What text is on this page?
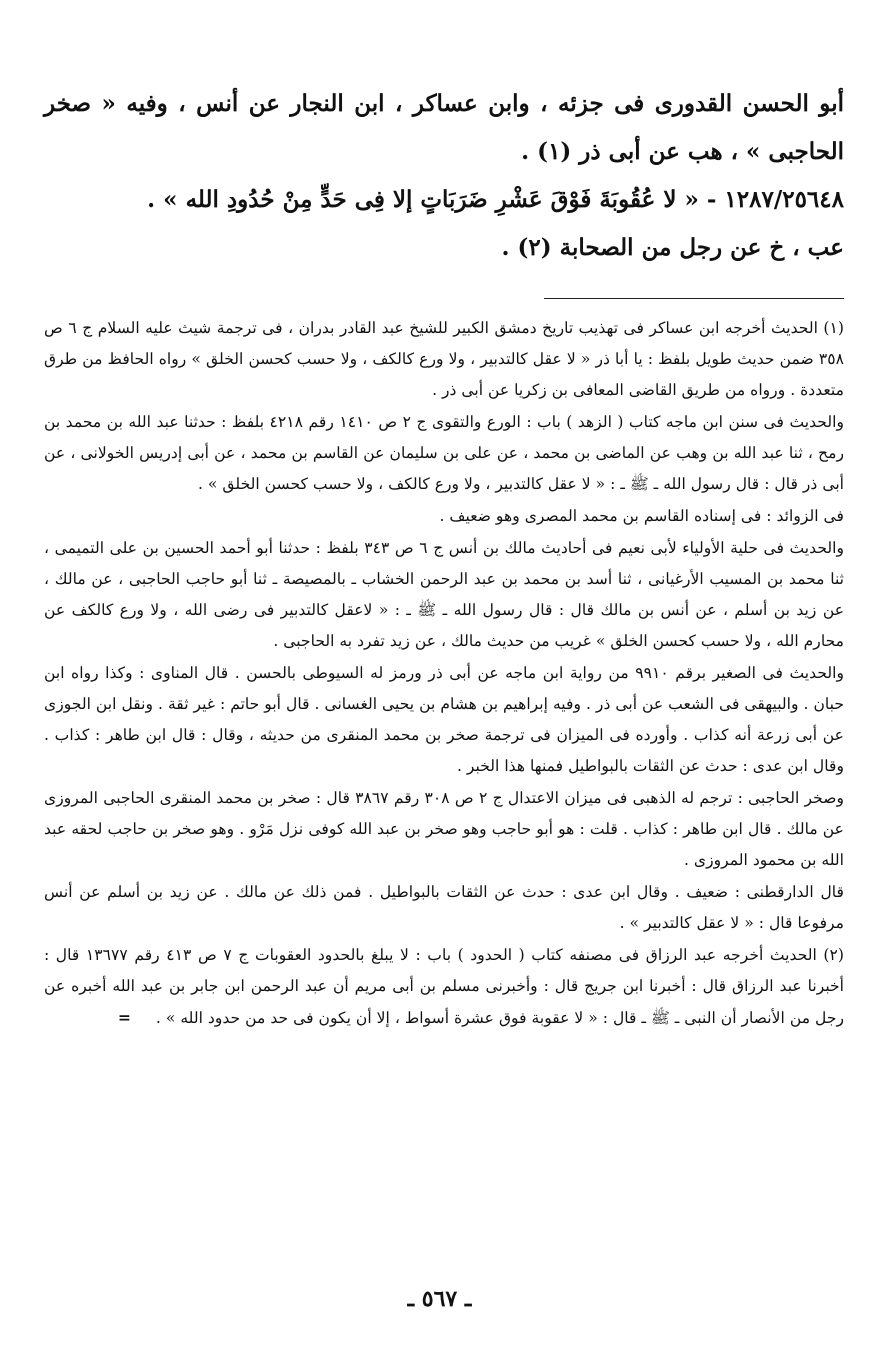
أبو الحسن القدورى فى جزئه ، وابن عساكر ، ابن النجار عن أنس ، وفيه « صخر الحاجبى » ، هب عن أبى ذر (١) .

١٢٨٧/٢٥٦٤٨ - « لا عُقُوبَةَ فَوْقَ عَشْرِ ضَرَبَاتٍ إلا فِى حَدٍّ مِنْ حُدُودِ الله » .

عب ، خ عن رجل من الصحابة (٢) .

(١) الحديث أخرجه ابن عساكر فى تهذيب تاريخ دمشق الكبير للشيخ عبد القادر بدران ، فى ترجمة شيث عليه السلام ج ٦ ص ٣٥٨ ضمن حديث طويل بلفظ : يا أبا ذر « لا عقل كالتدبير ، ولا ورع كالكف ، ولا حسب كحسن الخلق » رواه الحافظ من طرق متعددة . ورواه من طريق القاضى المعافى بن زكريا عن أبى ذر .

والحديث فى سنن ابن ماجه كتاب ( الزهد ) باب : الورع والتقوى ج ٢ ص ١٤١٠ رقم ٤٢١٨ بلفظ : حدثنا عبد الله بن محمد بن رمح ، ثنا عبد الله بن وهب عن الماضى بن محمد ، عن على بن سليمان عن القاسم بن محمد ، عن أبى إدريس الخولانى ، عن أبى ذر قال : قال رسول الله ـ ﷺ ـ : « لا عقل كالتدبير ، ولا ورع كالكف ، ولا حسب كحسن الخلق » .

فى الزوائد : فى إسناده القاسم بن محمد المصرى وهو ضعيف .

والحديث فى حلية الأولياء لأبى نعيم فى أحاديث مالك بن أنس ج ٦ ص ٣٤٣ بلفظ : حدثنا أبو أحمد الحسين بن على التميمى ، ثنا محمد بن المسيب الأرغيانى ، ثنا أسد بن محمد بن عبد الرحمن الخشاب ـ بالمصيصة ـ ثنا أبو حاجب الحاجبى ، عن مالك ، عن زيد بن أسلم ، عن أنس بن مالك قال : قال رسول الله ـ ﷺ ـ : « لاعقل كالتدبير فى رضى الله ، ولا ورع كالكف عن محارم الله ، ولا حسب كحسن الخلق » غريب من حديث مالك ، عن زيد تفرد به الحاجبى .

والحديث فى الصغير برقم ٩٩١٠ من رواية ابن ماجه عن أبى ذر ورمز له السيوطى بالحسن . قال المناوى : وكذا رواه ابن حبان . والبيهقى فى الشعب عن أبى ذر . وفيه إبراهيم بن هشام بن يحيى الغسانى . قال أبو حاتم : غير ثقة . ونقل ابن الجوزى عن أبى زرعة أنه كذاب . وأورده فى الميزان فى ترجمة صخر بن محمد المنقرى من حديثه ، وقال : قال ابن طاهر : كذاب . وقال ابن عدى : حدث عن الثقات بالبواطيل فمنها هذا الخبر .

وصخر الحاجبى : ترجم له الذهبى فى ميزان الاعتدال ج ٢ ص ٣٠٨ رقم ٣٨٦٧ قال : صخر بن محمد المنقرى الحاجبى المروزى عن مالك . قال ابن طاهر : كذاب . قلت : هو أبو حاجب وهو صخر بن عبد الله كوفى نزل مَرْو . وهو صخر بن حاجب لحقه عبد الله بن محمود المروزى .

قال الدارقطنى : ضعيف . وقال ابن عدى : حدث عن الثقات بالبواطيل . فمن ذلك عن مالك . عن زيد بن أسلم عن أنس مرفوعا قال : « لا عقل كالتدبير » .

(٢) الحديث أخرجه عبد الرزاق فى مصنفه كتاب ( الحدود ) باب : لا يبلغ بالحدود العقوبات ج ٧ ص ٤١٣ رقم ١٣٦٧٧ قال : أخبرنا عبد الرزاق قال : أخبرنا ابن جريج قال : وأخبرنى مسلم بن أبى مريم أن عبد الرحمن ابن جابر بن عبد الله أخبره عن رجل من الأنصار أن النبى ـ ﷺ ـ قال : « لا عقوبة فوق عشرة أسواط ، إلا أن يكون فى حد من حدود الله » . =

ـ ٥٦٧ ـ
